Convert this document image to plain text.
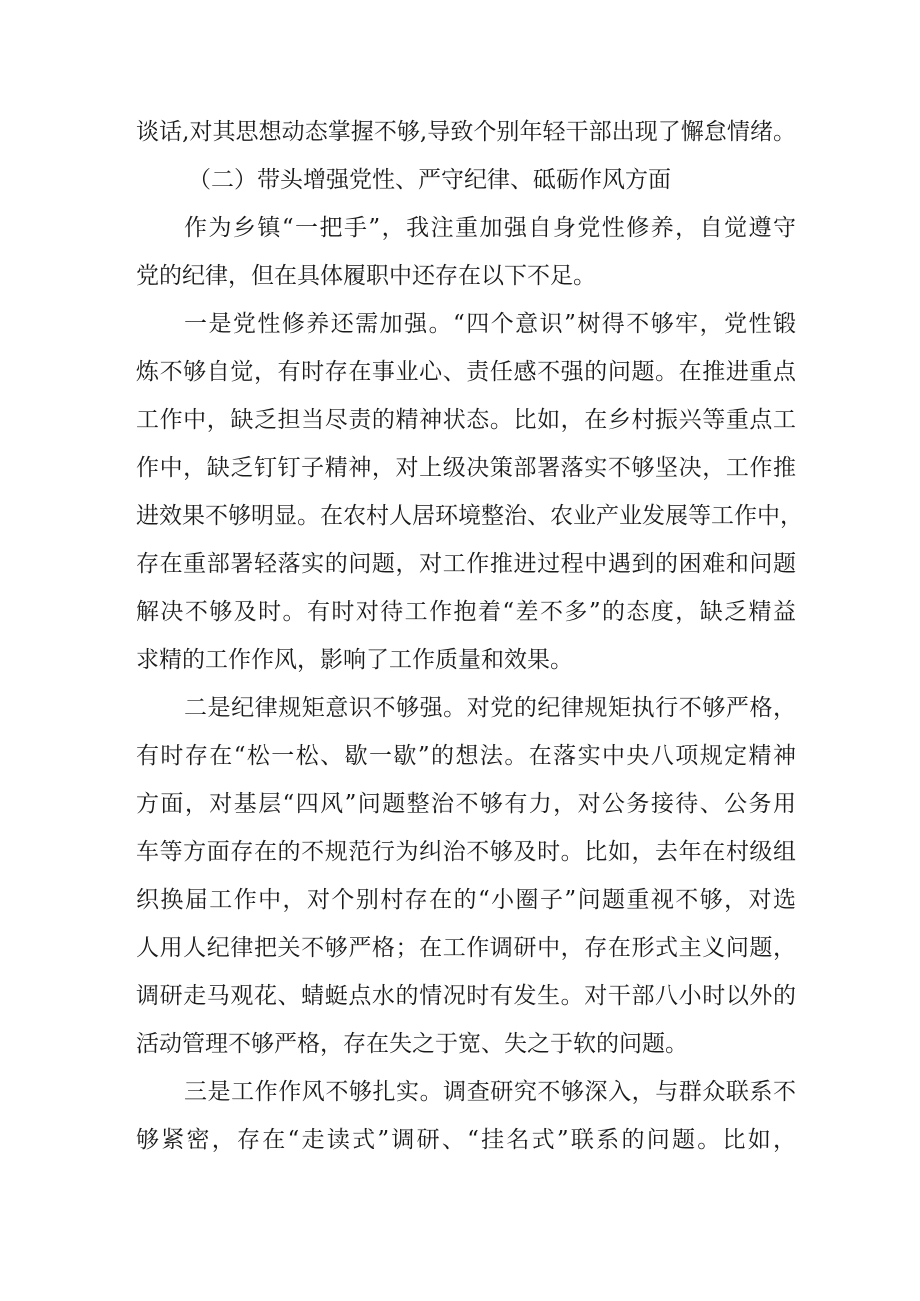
谈话,对其思想动态掌握不够,导致个别年轻干部出现了懈怠情绪。
（二）带头增强党性、严守纪律、砥砺作风方面
作为乡镇“一把手”，我注重加强自身党性修养，自觉遵守
党的纪律，但在具体履职中还存在以下不足。
一是党性修养还需加强。“四个意识”树得不够牢，党性锻
炼不够自觉，有时存在事业心、责任感不强的问题。在推进重点
工作中，缺乏担当尽责的精神状态。比如，在乡村振兴等重点工
作中，缺乏钉钉子精神，对上级决策部署落实不够坚决，工作推
进效果不够明显。在农村人居环境整治、农业产业发展等工作中，
存在重部署轻落实的问题，对工作推进过程中遇到的困难和问题
解决不够及时。有时对待工作抱着“差不多”的态度，缺乏精益
求精的工作作风，影响了工作质量和效果。
二是纪律规矩意识不够强。对党的纪律规矩执行不够严格，
有时存在“松一松、歇一歇”的想法。在落实中央八项规定精神
方面，对基层“四风”问题整治不够有力，对公务接待、公务用
车等方面存在的不规范行为纠治不够及时。比如，去年在村级组
织换届工作中，对个别村存在的“小圈子”问题重视不够，对选
人用人纪律把关不够严格；在工作调研中，存在形式主义问题，
调研走马观花、蜻蜓点水的情况时有发生。对干部八小时以外的
活动管理不够严格，存在失之于宽、失之于软的问题。
三是工作作风不够扎实。调查研究不够深入，与群众联系不
够紧密，存在“走读式”调研、“挂名式”联系的问题。比如，
